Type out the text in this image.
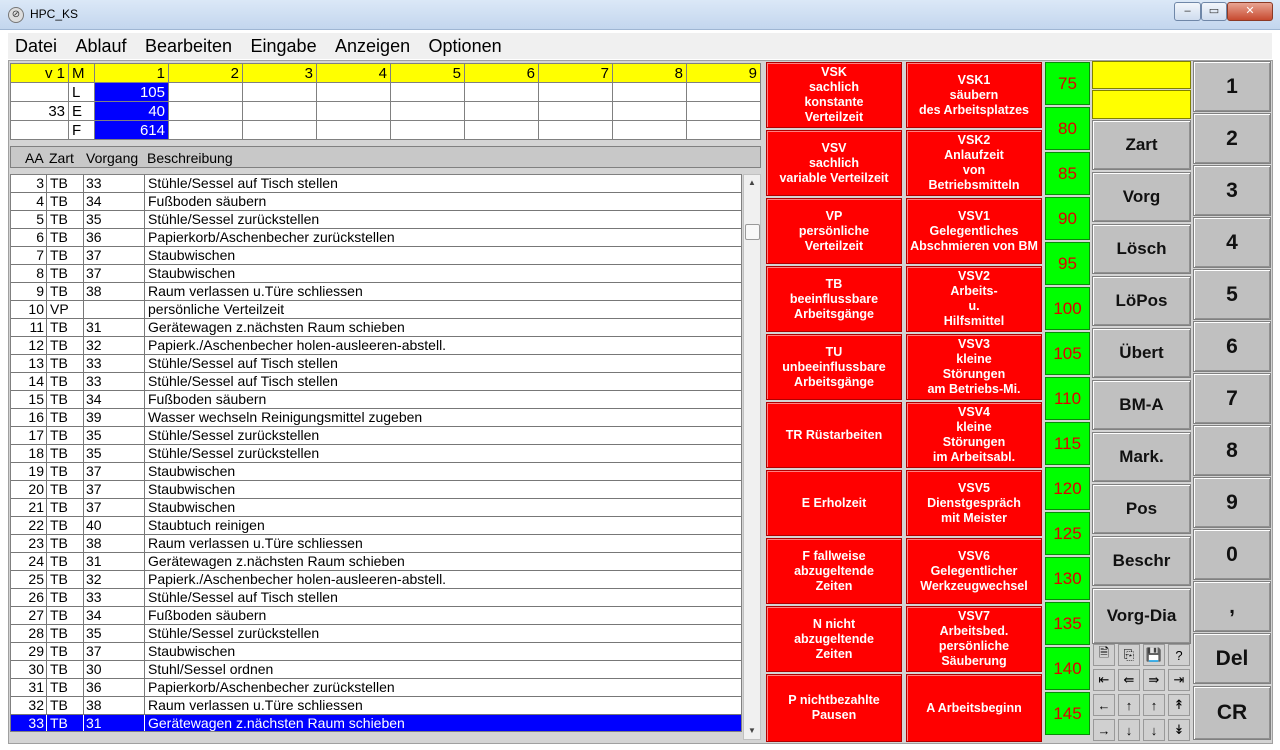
⊘ HPC_KS	–	▭	✕
Datei Ablauf Bearbeiten Eingabe Anzeigen Optionen
v 1	M	1	2	3	4	5	6	7	8	9
	L	105								
33	E	40								
	F	614								
AA Zart Vorgang Beschreibung
3 TB	33	Stühle/Sessel auf Tisch stellen
4 TB	34	Fußboden säubern
5 TB	35	Stühle/Sessel zurückstellen
6 TB	36	Papierkorb/Aschenbecher zurückstellen
7 TB	37	Staubwischen
8 TB	37	Staubwischen
9 TB	38	Raum verlassen u.Türe schliessen
10 VP	persönliche Verteilzeit
11 TB	31	Gerätewagen z.nächsten Raum schieben
12 TB	32	Papierk./Aschenbecher holen-ausleeren-abstell.
13 TB	33	Stühle/Sessel auf Tisch stellen
14 TB	33	Stühle/Sessel auf Tisch stellen
15 TB	34	Fußboden säubern
16 TB	39	Wasser wechseln Reinigungsmittel zugeben
17 TB	35	Stühle/Sessel zurückstellen
18 TB	35	Stühle/Sessel zurückstellen
19 TB	37	Staubwischen
20 TB	37	Staubwischen
21 TB	37	Staubwischen
22 TB	40	Staubtuch reinigen
23 TB	38	Raum verlassen u.Türe schliessen
24 TB	31	Gerätewagen z.nächsten Raum schieben
25 TB	32	Papierk./Aschenbecher holen-ausleeren-abstell.
26 TB	33	Stühle/Sessel auf Tisch stellen
27 TB	34	Fußboden säubern
28 TB	35	Stühle/Sessel zurückstellen
29 TB	37	Staubwischen
30 TB	30	Stuhl/Sessel ordnen
31 TB	36	Papierkorb/Aschenbecher zurückstellen
32 TB	38	Raum verlassen u.Türe schliessen
33 TB	31	Gerätewagen z.nächsten Raum schieben
▲
▼
VSK
sachlich
konstante
Verteilzeit
VSV
sachlich
variable Verteilzeit
VP
persönliche
Verteilzeit
TB
beeinflussbare
Arbeitsgänge
TU
unbeeinflussbare
Arbeitsgänge
TR Rüstarbeiten
E Erholzeit
F fallweise
abzugeltende
Zeiten
N nicht
abzugeltende
Zeiten
P nichtbezahlte
Pausen
VSK1
säubern
des Arbeitsplatzes
VSK2
Anlaufzeit
von
Betriebsmitteln
VSV1
Gelegentliches
Abschmieren von BM
VSV2
Arbeits-
u.
Hilfsmittel
VSV3
kleine
Störungen
am Betriebs-Mi.
VSV4
kleine
Störungen
im Arbeitsabl.
VSV5
Dienstgespräch
mit Meister
VSV6
Gelegentlicher
Werkzeugwechsel
VSV7
Arbeitsbed.
persönliche
Säuberung
A Arbeitsbeginn
75
80
85
90
95
100
105
110
115
120
125
130
135
140
145
Zart
Vorg
Lösch
LöPos
Übert
BM-A
Mark.
Pos
Beschr
Vorg-Dia
🗎	⎘ 💾	?
⇤	⇚	⇛	⇥
←	↑	↑	↟
→	↓	↓	↡
1
2
3
4
5
6
7
8
9
0
,
Del
CR
